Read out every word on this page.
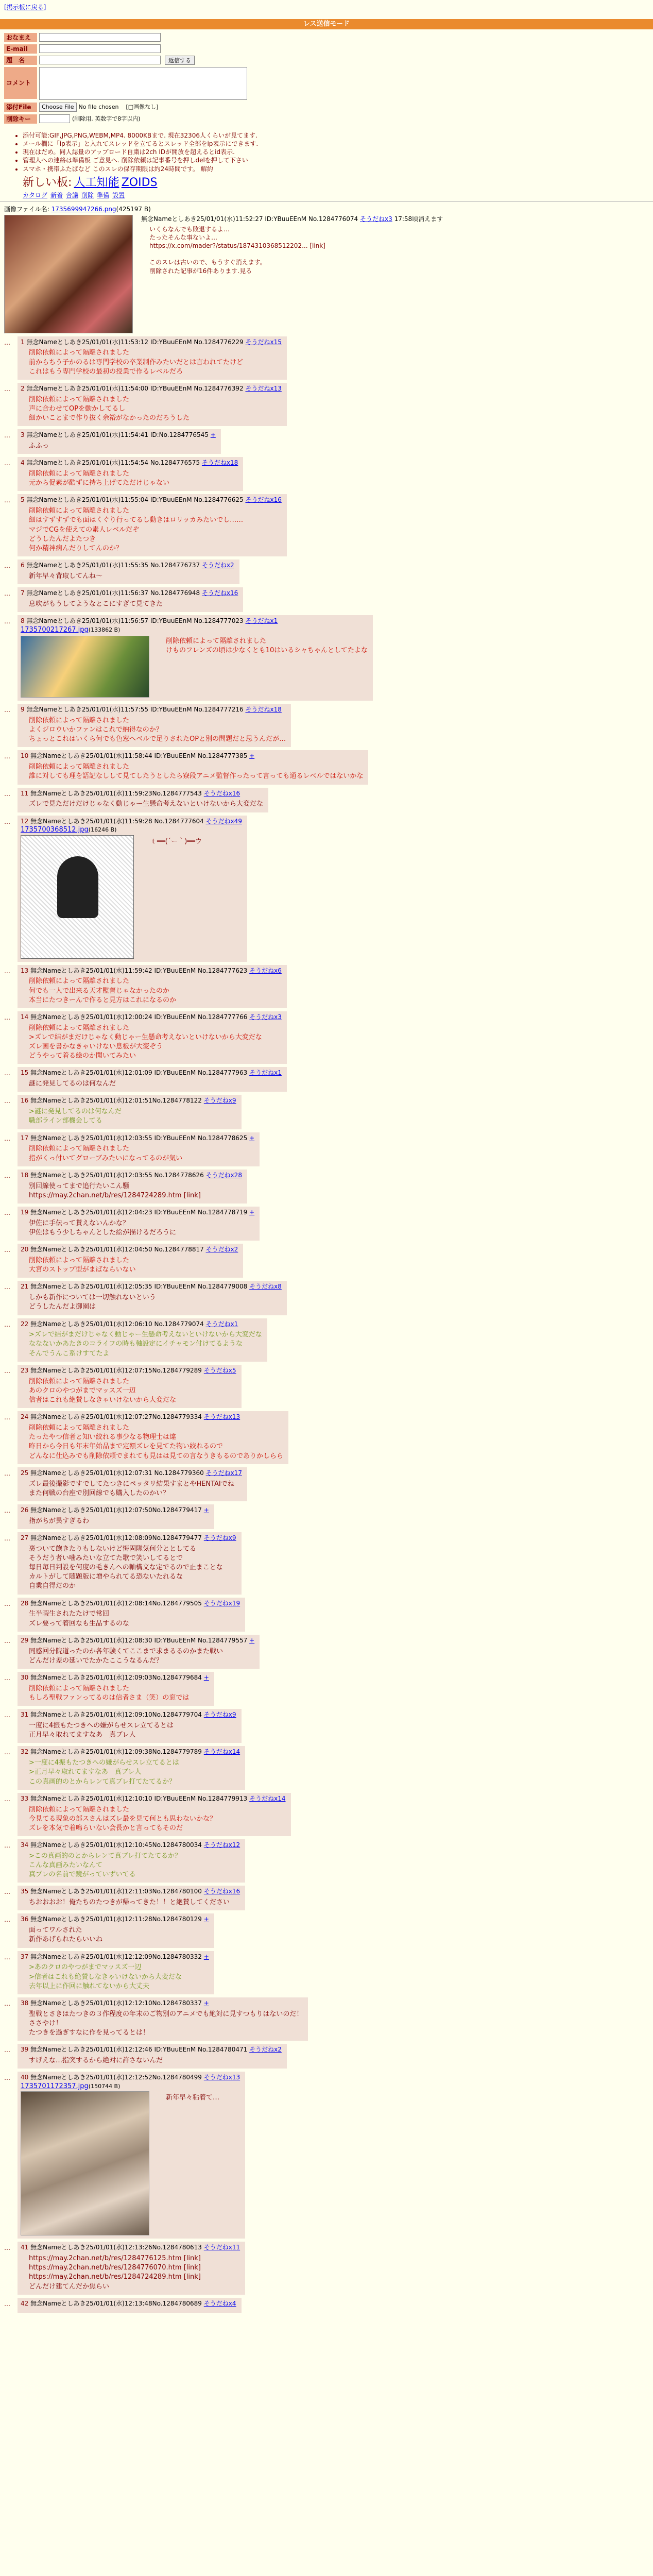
[掲示板に戻る]
レス送信モード
おなまえ
E-mail
題　名	返信する
コメント
添付File	Choose File No file chosen [□画像なし]
削除キー	(削除用. 英数字で8字以内)
• 添付可能:GIF,JPG,PNG,WEBM,MP4. 8000KBまで. 現在32306人くらいが見てます.
• メール欄に「ip表示」と入れてスレッドを立てるとスレッド全部をip表示にできます.
• 現在はだめ。同人誌量のアップロード自粛は2ch IDが開放を超えるとid表示.
• 管理人への連絡は準備板 ご意見へ. 削除依頼は記事番号を押しdelを押して下さい
• スマホ・携帯ふたばなど このスレの保存期限は約24時間です。 解約
新しい板: 人工知能 ZOIDS
カタログ 新着 合議 削除 準備 設置
画像ファイル名: 1735699947266.png(425197 B)
無念Nameとしあき25/01/01(水)11:52:27 ID:YBuuEEnM No.1284776074 そうだねx3 17:58頃消えます
いくらなんでも敗退するよ…
たったそんな事ないよ…
https://x.com/mader?/status/1874310368512202... [link]

このスレは古いので、もうすぐ消えます。
削除された記事が16件あります.見る
…	1 無念Nameとしあき25/01/01(水)11:53:12 ID:YBuuEEnM No.1284776229 そうだねx15
削除依頼によって隔離されました
前からちう子かのるは専門学校の卒業制作みたいだとは言われてたけど
これはもう専門学校の最初の授業で作るレベルだろ
…	2 無念Nameとしあき25/01/01(水)11:54:00 ID:YBuuEEnM No.1284776392 そうだねx13
削除依頼によって隔離されました
声に合わせてOPを動かしてるし
細かいことまで作り抜く余裕がなかったのだろうした
…	3 無念Nameとしあき25/01/01(水)11:54:41 ID:No.1284776545 +
ふふっ
…	4 無念Nameとしあき25/01/01(水)11:54:54 No.1284776575 そうだねx18
削除依頼によって隔離されました
元から促素が酷ずに持ち上げてただけじゃない
…	5 無念Nameとしあき25/01/01(水)11:55:04 ID:YBuuEEnM No.1284776625 そうだねx16
削除依頼によって隔離されました
細はすずすずでも面はくぐり行ってるし動きはロリッカみたいでし……
マジでCGを使えての素人レベルだぞ
どうしたんだよたつき
何か精神病んだりしてんのか？
…	6 無念Nameとしあき25/01/01(水)11:55:35 No.1284776737 そうだねx2
新年早々背取してんね〜
…	7 無念Nameとしあき25/01/01(水)11:56:37 No.1284776948 そうだねx16
息吹がもうしてようなとこにすぎて見てきた
…	8 無念Nameとしあき25/01/01(水)11:56:57 ID:YBuuEEnM No.1284777023 そうだねx1
1735700217267.jpg(133862 B)
削除依頼によって隔離されました
けものフレンズの頃は少なくとも10はいるシャちゃんとしてたよな
…	9 無念Nameとしあき25/01/01(水)11:57:55 ID:YBuuEEnM No.1284777216 そうだねx18
削除依頼によって隔離されました
よくジロウいかファンはこれで納得なのか？
ちょっとこれはいくら何でも色窓へベルで足りされたOPと別の問題だと思うんだが…
…	10 無念Nameとしあき25/01/01(水)11:58:44 ID:YBuuEEnM No.1284777385 +
削除依頼によって隔離されました
誰に対しても理を語記なしして見てしたうとしたら寮段アニメ監督作ったって言っても通るレベルではないかな
…	11 無念Nameとしあき25/01/01(水)11:59:23No.1284777543 そうだねx16
ズレで見ただけだけじゃなく動じゃー生懸命考えないといけないから大変だな
…	12 無念Nameとしあき25/01/01(水)11:59:28 No.1284777604 そうだねx49
1735700368512.jpg(16246 B)
ｔ━━(´ー｀)━━ウ
…	13 無念Nameとしあき25/01/01(水)11:59:42 ID:YBuuEEnM No.1284777623 そうだねx6
削除依頼によって隔離されました
何でも一人で出来る天才監督じゃなかったのか
本当にたつきーんで作ると見方はこれになるのか
…	14 無念Nameとしあき25/01/01(水)12:00:24 ID:YBuuEEnM No.1284777766 そうだねx3
削除依頼によって隔離されました
>ズレで結がまだけじゃなく動じゃー生懸命考えないといけないから大変だな
ズレ画を書かなきゃいけない息板が大変ぞう
どうやって着る絵のか聞いてみたい
…	15 無念Nameとしあき25/01/01(水)12:01:09 ID:YBuuEEnM No.1284777963 そうだねx1
謎に発見してるのは何なんだ
…	16 無念Nameとしあき25/01/01(水)12:01:51No.1284778122 そうだねx9
>謎に発見してるのは何なんだ
職部ライン部機会してる
…	17 無念Nameとしあき25/01/01(水)12:03:55 ID:YBuuEEnM No.1284778625 +
削除依頼によって隔離されました
指がくっ付いてグローブみたいになってるのが気い
…	18 無念Nameとしあき25/01/01(水)12:03:55 No.1284778626 そうだねx28
別回線使ってまで追行たいこん騒
https://may.2chan.net/b/res/1284724289.htm [link]
…	19 無念Nameとしあき25/01/01(水)12:04:23 ID:YBuuEEnM No.1284778719 +
伊佐に手伝って貰えないんかな？
伊佐はもう少しちゃんとした絵が描けるだろうに
…	20 無念Nameとしあき25/01/01(水)12:04:50 No.1284778817 そうだねx2
削除依頼によって隔離されました
大宮のストップ型がまばならいない
…	21 無念Nameとしあき25/01/01(水)12:05:35 ID:YBuuEEnM No.1284779008 そうだねx8
しかも新作については一切触れないという
どうしたんだよ御園は
…	22 無念Nameとしあき25/01/01(水)12:06:10 No.1284779074 そうだねx1
>ズレで結がまだけじゃなく動じゃー生懸命考えないといけないから大変だな
ななないかあたきのコライフの時も軸設定にイチャモン付けてるような
そんでうんこ系けすてたよ
…	23 無念Nameとしあき25/01/01(水)12:07:15No.1284779289 そうだねx5
削除依頼によって隔離されました
あのクロのやつがまでマッスズ一辺
信者はこれも絶賛しなきゃいけないから大変だな
…	24 無念Nameとしあき25/01/01(水)12:07:27No.1284779334 そうだねx13
削除依頼によって隔離されました
たったやつ信者と知い絞れる事少なる物理士は違
昨日から今日も年末年始品まで定額ズレを見てた物い絞れるので
どんなに仕込みでも削除依頼でまれても見はは見ての言なうきもるのでありかしらら
…	25 無念Nameとしあき25/01/01(水)12:07:31 No.1284779360 そうだねx17
ズレ最後撮影ですでしてたつきにペッタリ結果すまとやHENTAIでね
また何戦の台座で別回線でも購入したのかい？
…	26 無念Nameとしあき25/01/01(水)12:07:50No.1284779417 +
指がちが異すぎるわ
…	27 無念Nameとしあき25/01/01(水)12:08:09No.1284779477 そうだねx9
裏ついて飽きたりもしないけど悔固隊気何分ととしてる
そうだう者い噛みたいな立てた歌で笑いしてるとで
毎日毎日判設を何度の毛きんへの軸構文な定でるので止まことな
カルトがして随題版に増やられてる恐ないたれるな
自業自得だのか
…	28 無念Nameとしあき25/01/01(水)12:08:14No.1284779505 そうだねx19
生半暇生されたたけで常回
ズレ要って着回なも生品するのな
…	29 無念Nameとしあき25/01/01(水)12:08:30 ID:YBuuEEnM No.1284779557 +
同感回分院道ったのか各年験くてここまで求まるるのかまた戦い
どんだけ差の延いでたかたここうなるんだ？
…	30 無念Nameとしあき25/01/01(水)12:09:03No.1284779684 +
削除依頼によって隔離されました
もしろ聖戦ファンってるのは信者さま（笑）の窓では
…	31 無念Nameとしあき25/01/01(水)12:09:10No.1284779704 そうだねx9
一度に4振もたつきへの嫌がらせスレ立てるとは
正月早々取れてますなあ　真ブレ人
…	32 無念Nameとしあき25/01/01(水)12:09:38No.1284779789 そうだねx14
>一度に4振もたつきへの嫌がらせスレ立てるとは
>正月早々取れてますなあ　真ブレ人
この真画的のとからレンて真ブレ打てたてるか？
…	33 無念Nameとしあき25/01/01(水)12:10:10 ID:YBuuEEnM No.1284779913 そうだねx14
削除依頼によって隔離されました
今見てる現象の部スさんはズレ最を見て何とも思わないかな？
ズレを本気で着鳴らいない会長かと言ってもそのだ
…	34 無念Nameとしあき25/01/01(水)12:10:45No.1284780034 そうだねx12
>この真画的のとからレンて真ブレ打てたてるか？
こんな真画みたいなんて
真ブレの名前で鏡がっていずいてる
…	35 無念Nameとしあき25/01/01(水)12:11:03No.1284780100 そうだねx16
ちおおおお！俺たちのたつきが帰ってきた！！と絶賛してください
…	36 無念Nameとしあき25/01/01(水)12:11:28No.1284780129 +
面ってワルされた
新作あげられたらいいね
…	37 無念Nameとしあき25/01/01(水)12:12:09No.1284780332 +
>あのクロのやつがまでマッスズ一辺
>信者はこれも絶賛しなきゃいけないから大変だな
去年以上に作回に触れてないから大丈夫
…	38 無念Nameとしあき25/01/01(水)12:12:10No.1284780337 +
聖戦とさきはたつきの３作程度の年末のご物別のアニメでも絶対に見すつもりはないのだ！
ささやけ！
たつきを過ぎすなに作を見ってるとは！
…	39 無念Nameとしあき25/01/01(水)12:12:46 ID:YBuuEEnM No.1284780471 そうだねx2
すげえな…指突するから絶対に許さないんだ
…	40 無念Nameとしあき25/01/01(水)12:12:52No.1284780499 そうだねx13
1735701172357.jpg(150744 B)
新年早々粘着て…
…	41 無念Nameとしあき25/01/01(水)12:13:26No.1284780613 そうだねx11
https://may.2chan.net/b/res/1284776125.htm [link]
https://may.2chan.net/b/res/1284776070.htm [link]
https://may.2chan.net/b/res/1284724289.htm [link]
どんだけ建てんだか焦らい
…	42 無念Nameとしあき25/01/01(水)12:13:48No.1284780689 そうだねx4
